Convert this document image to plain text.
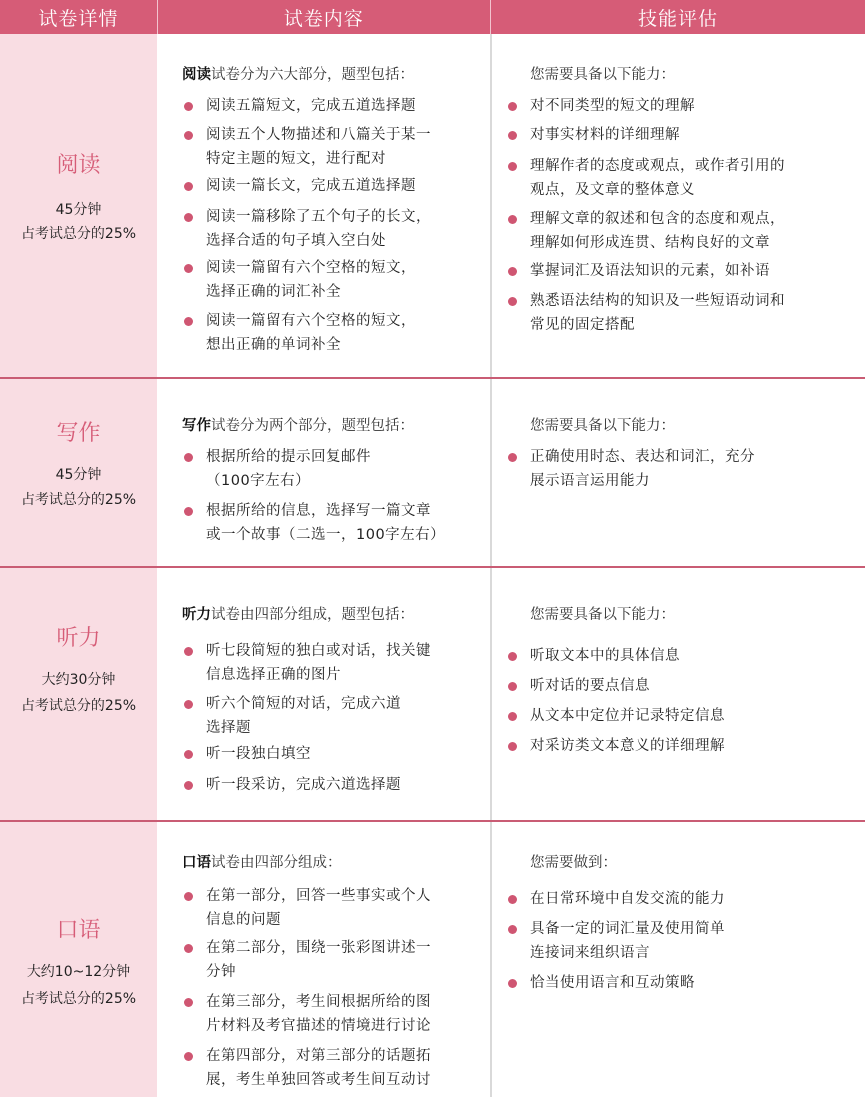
试卷详情	试卷内容	技能评估
阅读
45分钟
占考试总分的25%
阅读试卷分为六大部分，题型包括：
阅读五篇短文，完成五道选择题
阅读五个人物描述和八篇关于某一
特定主题的短文，进行配对
阅读一篇长文，完成五道选择题
阅读一篇移除了五个句子的长文，
选择合适的句子填入空白处
阅读一篇留有六个空格的短文，
选择正确的词汇补全
阅读一篇留有六个空格的短文，
想出正确的单词补全
您需要具备以下能力：
对不同类型的短文的理解
对事实材料的详细理解
理解作者的态度或观点，或作者引用的
观点，及文章的整体意义
理解文章的叙述和包含的态度和观点，
理解如何形成连贯、结构良好的文章
掌握词汇及语法知识的元素，如补语
熟悉语法结构的知识及一些短语动词和
常见的固定搭配
写作
45分钟
占考试总分的25%
写作试卷分为两个部分，题型包括：
根据所给的提示回复邮件
（100字左右）
根据所给的信息，选择写一篇文章
或一个故事（二选一，100字左右）
您需要具备以下能力：
正确使用时态、表达和词汇，充分
展示语言运用能力
听力
大约30分钟
占考试总分的25%
听力试卷由四部分组成，题型包括：
听七段简短的独白或对话，找关键
信息选择正确的图片
听六个简短的对话，完成六道
选择题
听一段独白填空
听一段采访，完成六道选择题
您需要具备以下能力：
听取文本中的具体信息
听对话的要点信息
从文本中定位并记录特定信息
对采访类文本意义的详细理解
口语
大约10~12分钟
占考试总分的25%
口语试卷由四部分组成：
在第一部分，回答一些事实或个人
信息的问题
在第二部分，围绕一张彩图讲述一
分钟
在第三部分，考生间根据所给的图
片材料及考官描述的情境进行讨论
在第四部分，对第三部分的话题拓
展，考生单独回答或考生间互动讨
您需要做到：
在日常环境中自发交流的能力
具备一定的词汇量及使用简单
连接词来组织语言
恰当使用语言和互动策略
